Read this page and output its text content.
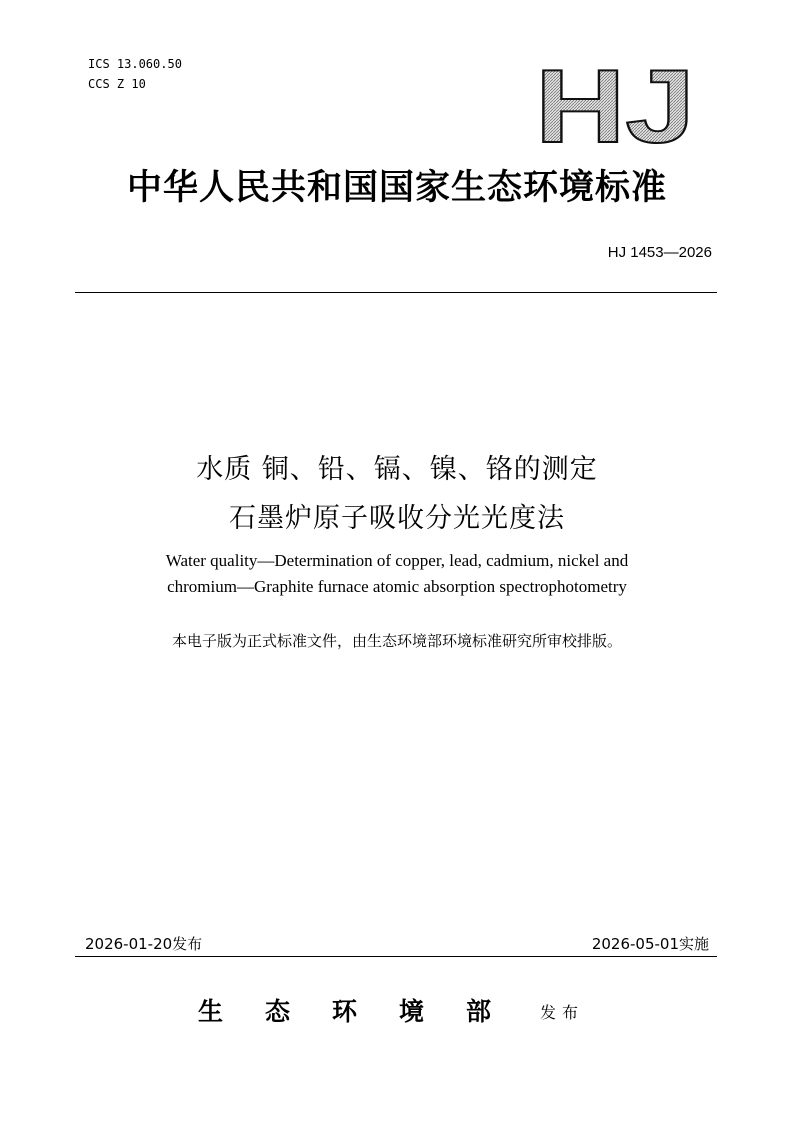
ICS 13.060.50
CCS Z 10	HJ
中华人民共和国国家生态环境标准
HJ 1453—2026
水质 铜、铅、镉、镍、铬的测定
石墨炉原子吸收分光光度法
Water quality—Determination of copper, lead, cadmium, nickel and
chromium—Graphite furnace atomic absorption spectrophotometry
本电子版为正式标准文件，由生态环境部环境标准研究所审校排版。
2026-01-20发布	2026-05-01实施
生态环境部 发布
